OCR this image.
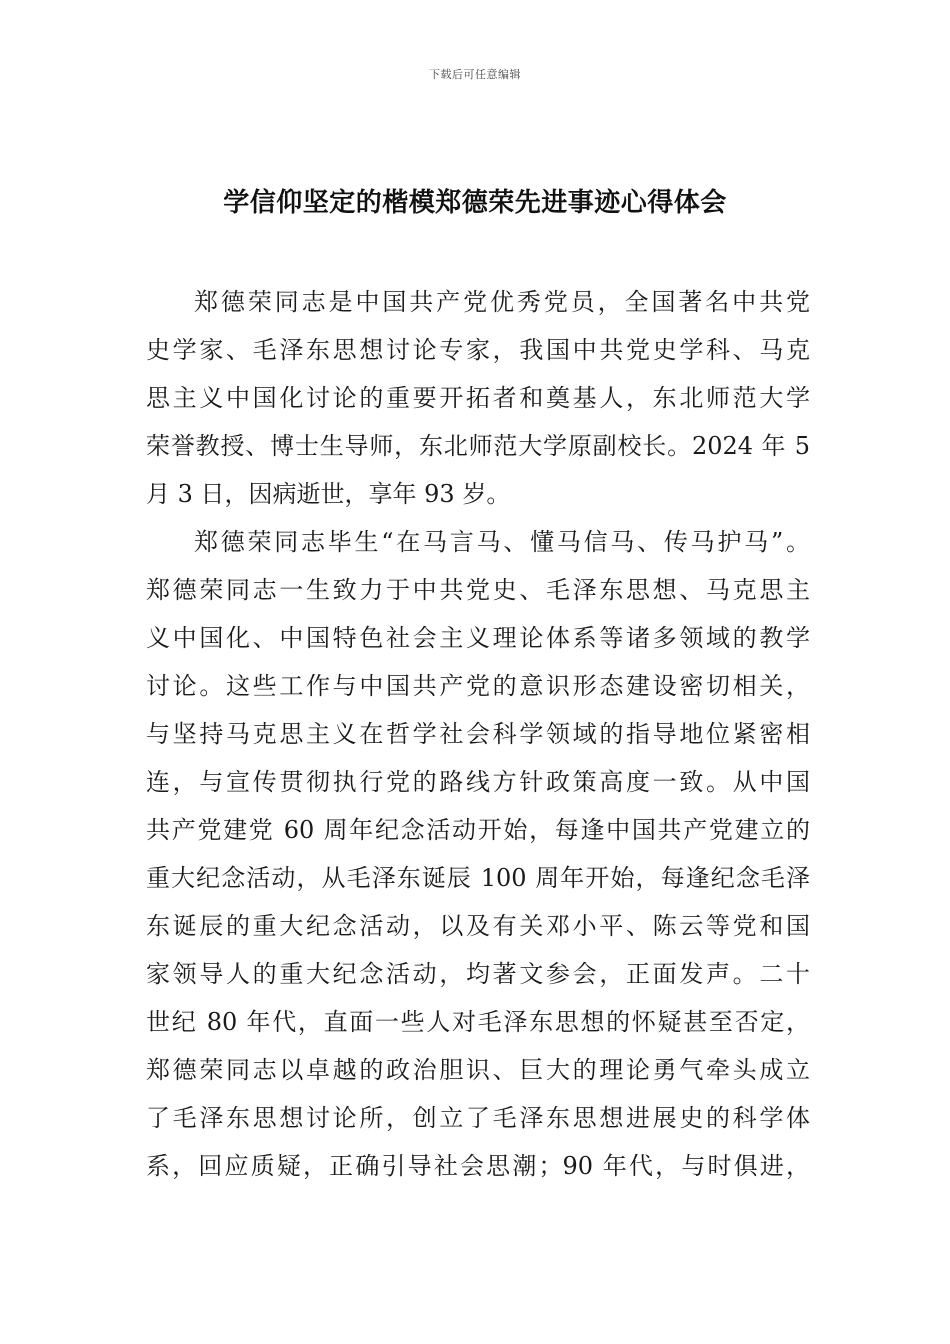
下载后可任意编辑
学信仰坚定的楷模郑德荣先进事迹心得体会
郑德荣同志是中国共产党优秀党员，全国著名中共党
史学家、毛泽东思想讨论专家，我国中共党史学科、马克
思主义中国化讨论的重要开拓者和奠基人，东北师范大学
荣誉教授、博士生导师，东北师范大学原副校长。2024 年 5
月 3 日，因病逝世，享年 93 岁。
郑德荣同志毕生“在马言马、懂马信马、传马护马”。
郑德荣同志一生致力于中共党史、毛泽东思想、马克思主
义中国化、中国特色社会主义理论体系等诸多领域的教学
讨论。这些工作与中国共产党的意识形态建设密切相关，
与坚持马克思主义在哲学社会科学领域的指导地位紧密相
连，与宣传贯彻执行党的路线方针政策高度一致。从中国
共产党建党 60 周年纪念活动开始，每逢中国共产党建立的
重大纪念活动，从毛泽东诞辰 100 周年开始，每逢纪念毛泽
东诞辰的重大纪念活动，以及有关邓小平、陈云等党和国
家领导人的重大纪念活动，均著文参会，正面发声。二十
世纪 80 年代，直面一些人对毛泽东思想的怀疑甚至否定，
郑德荣同志以卓越的政治胆识、巨大的理论勇气牵头成立
了毛泽东思想讨论所，创立了毛泽东思想进展史的科学体
系，回应质疑，正确引导社会思潮；90 年代，与时俱进，
